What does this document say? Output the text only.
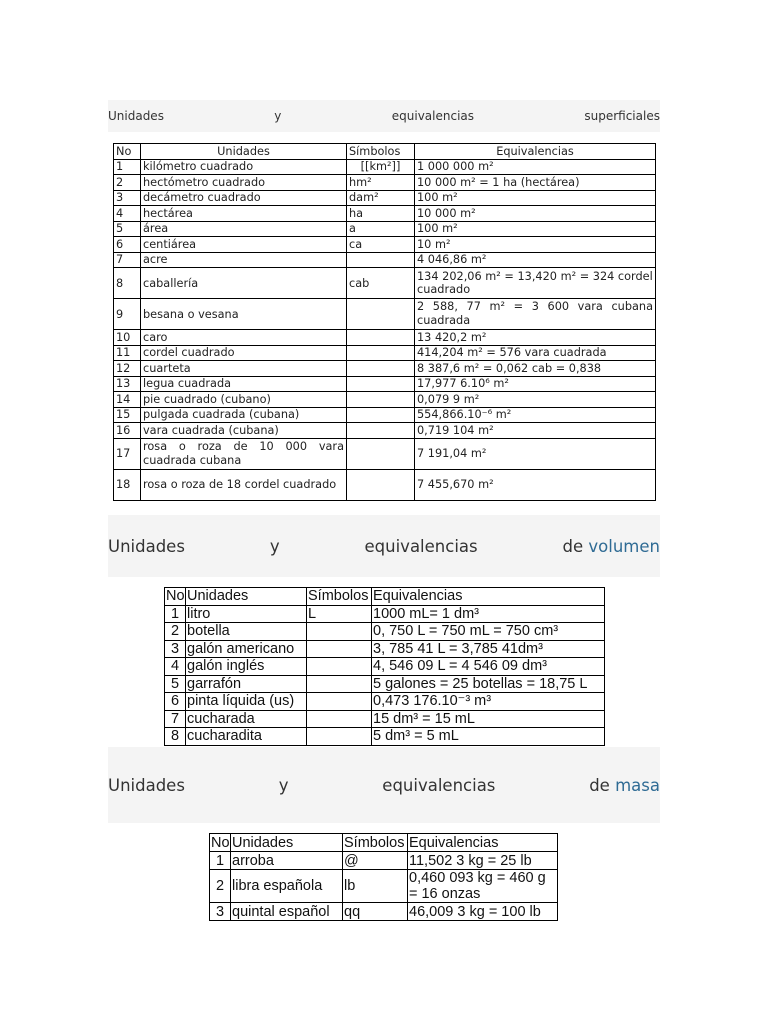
Unidades	y	equivalencias	superficiales
No	Unidades	Símbolos	Equivalencias
1	kilómetro cuadrado	[[km²]]	1 000 000 m²
2	hectómetro cuadrado	hm²	10 000 m² = 1 ha (hectárea)
3	decámetro cuadrado	dam²	100 m²
4	hectárea	ha	10 000 m²
5	área	a	100 m²
6	centiárea	ca	10 m²
7	acre		4 046,86 m²
8	caballería	cab	134 202,06 m² = 13,420 m² = 324 cordel cuadrado
9	besana o vesana		2 588, 77 m² = 3 600 vara cubana cuadrada
10	caro		13 420,2 m²
11	cordel cuadrado		414,204 m² = 576 vara cuadrada
12	cuarteta		8 387,6 m² = 0,062 cab = 0,838
13	legua cuadrada		17,977 6.10⁶ m²
14	pie cuadrado (cubano)		0,079 9 m²
15	pulgada cuadrada (cubana)		554,866.10⁻⁶ m²
16	vara cuadrada (cubana)		0,719 104 m²
17	rosa o roza de 10 000 vara cuadrada cubana		7 191,04 m²
18	rosa o roza de 18 cordel cuadrado		7 455,670 m²
Unidades	y	equivalencias	de volumen
No	Unidades	Símbolos	Equivalencias
1	litro	L	1000 mL= 1 dm³
2	botella		0, 750 L = 750 mL = 750 cm³
3	galón americano		3, 785 41 L = 3,785 41dm³
4	galón inglés		4, 546 09 L = 4 546 09 dm³
5	garrafón		5 galones = 25 botellas = 18,75 L
6	pinta líquida (us)		0,473 176.10⁻³ m³
7	cucharada		15 dm³ = 15 mL
8	cucharadita		5 dm³ = 5 mL
Unidades	y	equivalencias	de masa
No	Unidades	Símbolos	Equivalencias
1	arroba	@	11,502 3 kg = 25 lb
2	libra española	lb	0,460 093 kg = 460 g = 16 onzas
3	quintal español	qq	46,009 3 kg = 100 lb
